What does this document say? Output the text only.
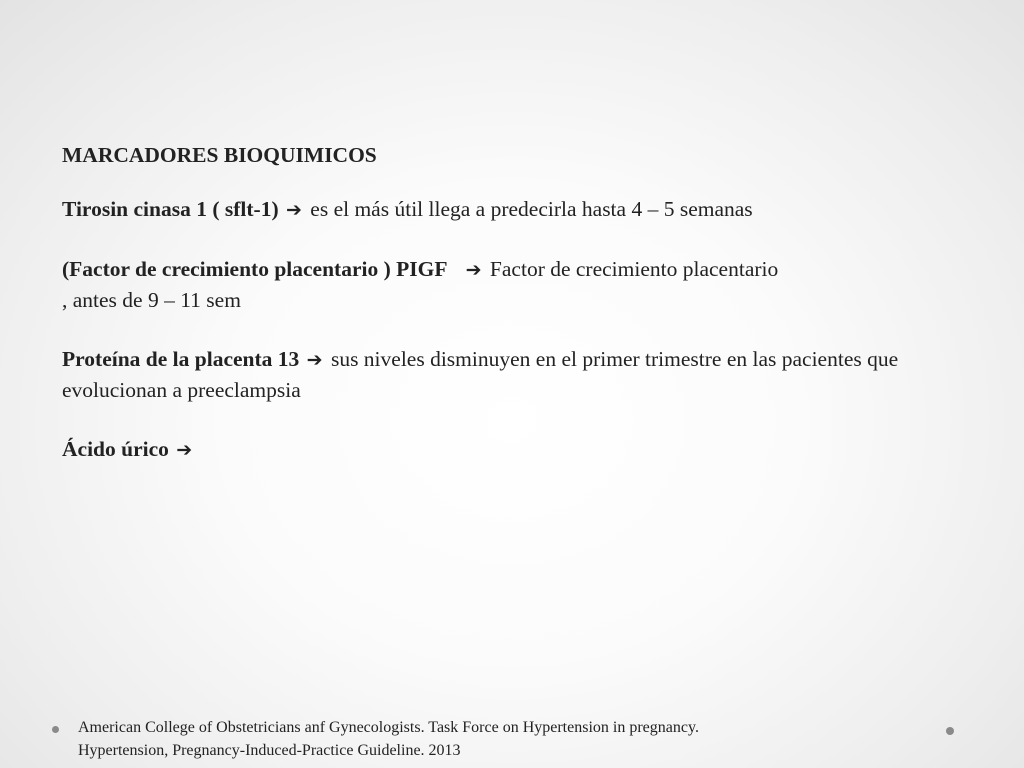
MARCADORES BIOQUIMICOS
Tirosin cinasa 1 ( sflt-1) ➔ es el más útil llega a predecirla hasta 4 – 5 semanas
(Factor de crecimiento placentario ) PIGF ➔ Factor de crecimiento placentario
, antes de 9 – 11 sem
Proteína de la placenta 13 ➔ sus niveles disminuyen en el primer trimestre en las pacientes que evolucionan a preeclampsia
Ácido úrico ➔
American College of Obstetricians anf Gynecologists. Task Force on Hypertension in pregnancy.
Hypertension, Pregnancy-Induced-Practice Guideline. 2013
